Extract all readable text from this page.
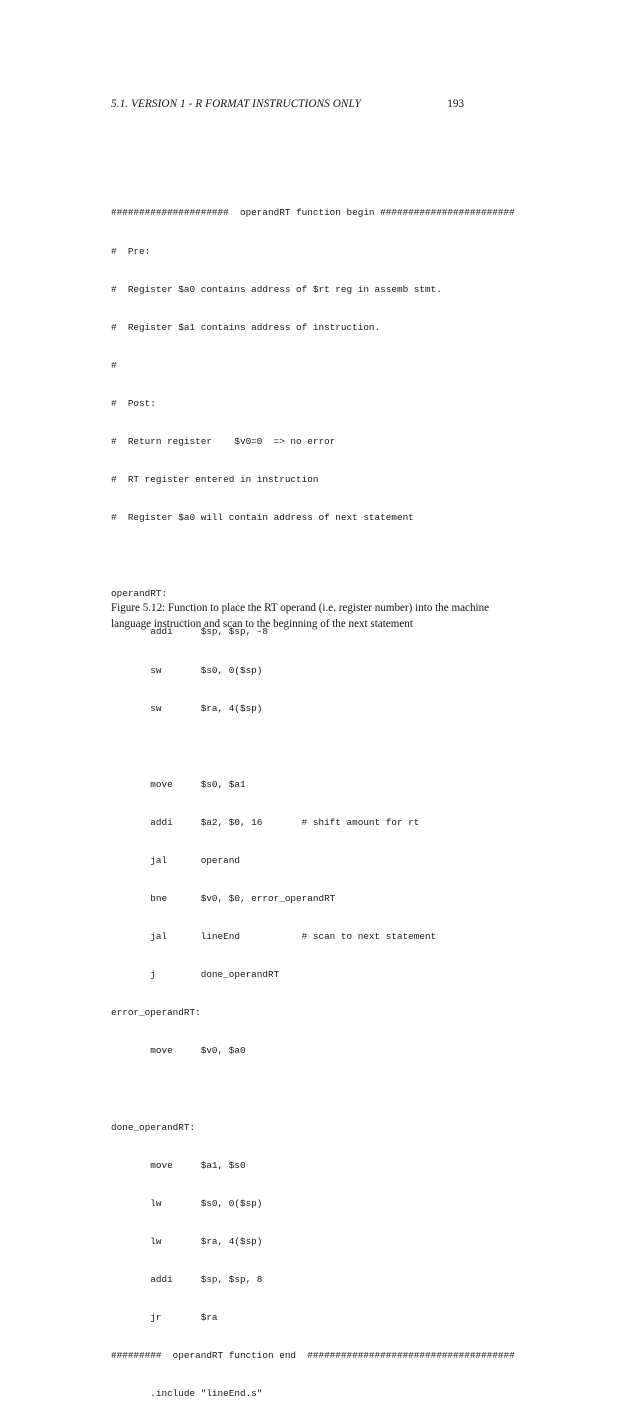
5.1. VERSION 1 - R FORMAT INSTRUCTIONS ONLY	193

#####################  operandRT function begin ########################

#  Pre:

#  Register $a0 contains address of $rt reg in assemb stmt.

#  Register $a1 contains address of instruction.

#

#  Post:

#  Return register    $v0=0  => no error

#  RT register entered in instruction

#  Register $a0 will contain address of next statement

operandRT:

addi     $sp, $sp, -8

sw       $s0, 0($sp)

sw       $ra, 4($sp)

move     $s0, $a1

addi     $a2, $0, 16       # shift amount for rt

jal      operand

bne      $v0, $0, error_operandRT

jal      lineEnd           # scan to next statement

j        done_operandRT

error_operandRT:

move     $v0, $a0

done_operandRT:

move     $a1, $s0

lw       $s0, 0($sp)

lw       $ra, 4($sp)

addi     $sp, $sp, 8

jr       $ra

#########  operandRT function end  #####################################

.include "lineEnd.s"

Figure 5.12: Function to place the RT operand (i.e. register number) into the machine language instruction and scan to the beginning of the next statement
